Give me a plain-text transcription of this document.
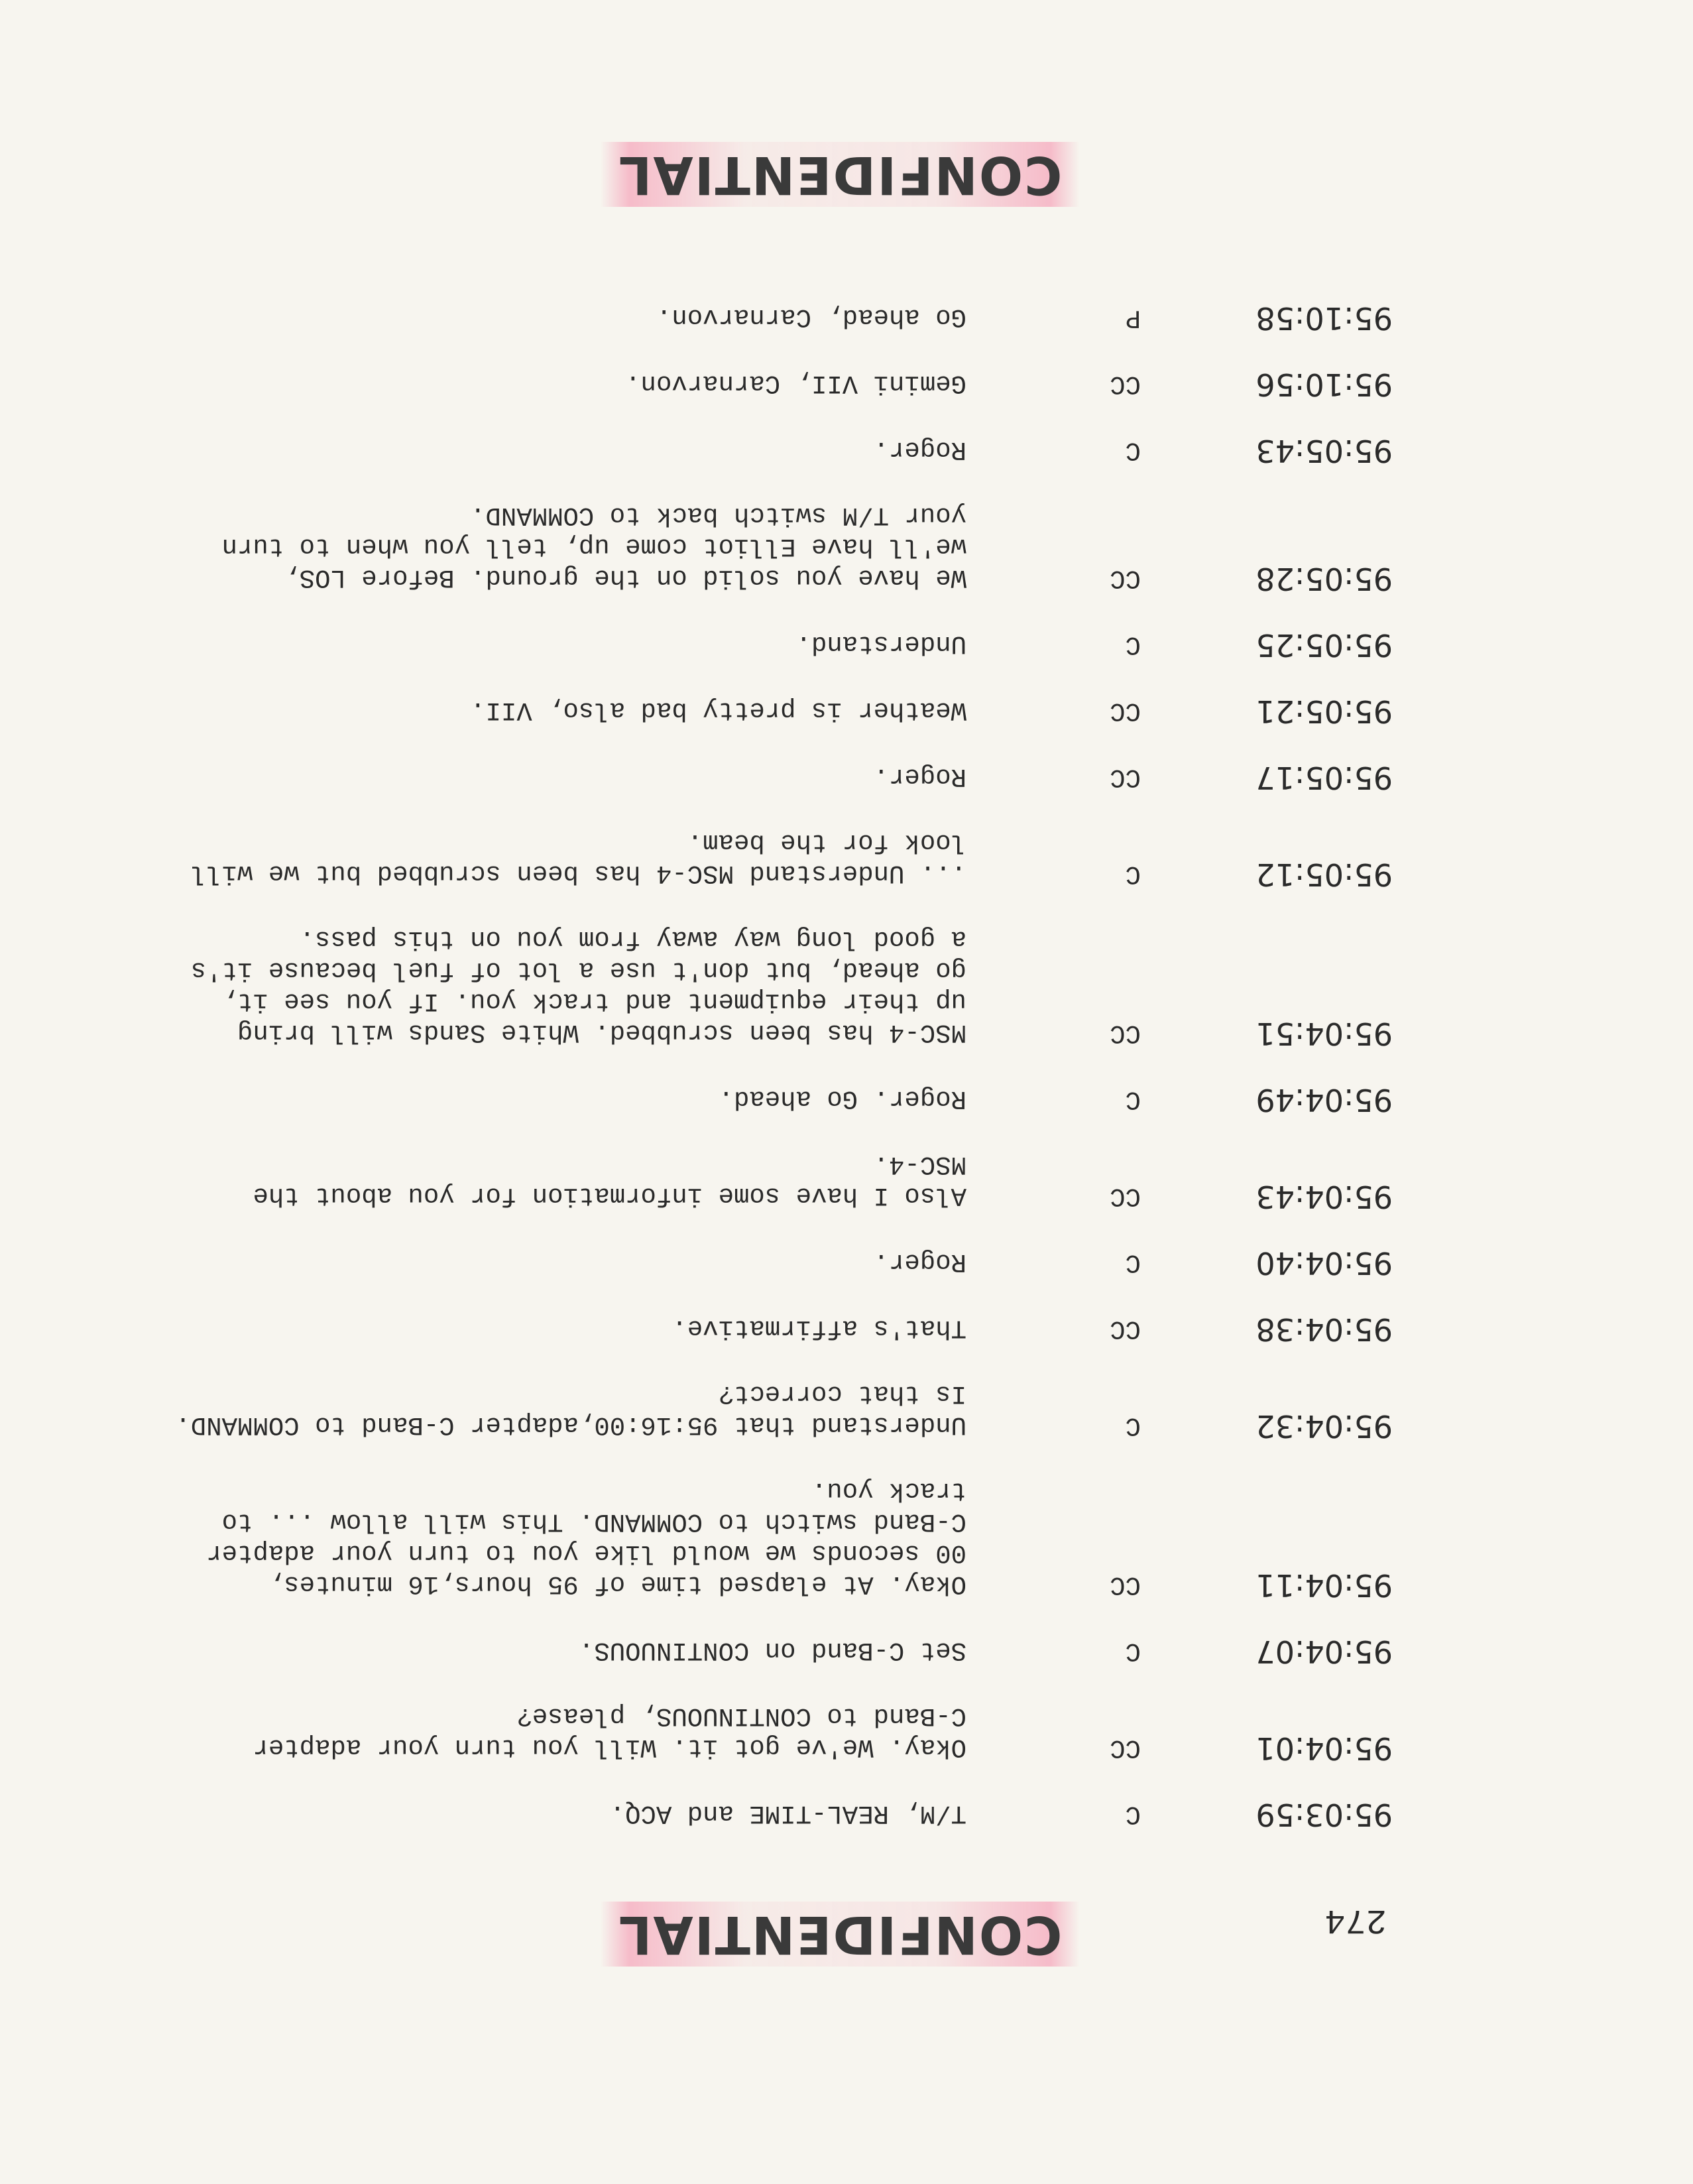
274
CONFIDENTIAL
95:03:59
C
T/M, REAL-TIME and ACQ.
95:04:01
CC
Okay. We've got it. Will you turn your adapter
C-Band to CONTINUOUS, please?
95:04:07
C
Set C-Band on CONTINUOUS.
95:04:11
CC
Okay. At elapsed time of 95 hours,16 minutes,
00 seconds we would like you to turn your adapter
C-Band switch to COMMAND. This will allow ... to
track you.
95:04:32
C
Understand that 95:16:00,adapter C-Band to COMMAND.
Is that correct?
95:04:38
CC
That's affirmative.
95:04:40
C
Roger.
95:04:43
CC
Also I have some information for you about the
MSC-4.
95:04:49
C
Roger. Go ahead.
95:04:51
CC
MSC-4 has been scrubbed. White Sands will bring
up their equipment and track you. If you see it,
go ahead, but don't use a lot of fuel because it's
a good long way away from you on this pass.
95:05:12
C
... Understand MSC-4 has been scrubbed but we will
look for the beam.
95:05:17
CC
Roger.
95:05:21
CC
Weather is pretty bad also, VII.
95:05:25
C
Understand.
95:05:28
CC
We have you solid on the ground. Before LOS,
we'll have Elliot come up, tell you when to turn
your T/M switch back to COMMAND.
95:05:43
C
Roger.
95:10:56
CC
Gemini VII, Carnarvon.
95:10:58
P
Go ahead, Carnarvon.
CONFIDENTIAL
